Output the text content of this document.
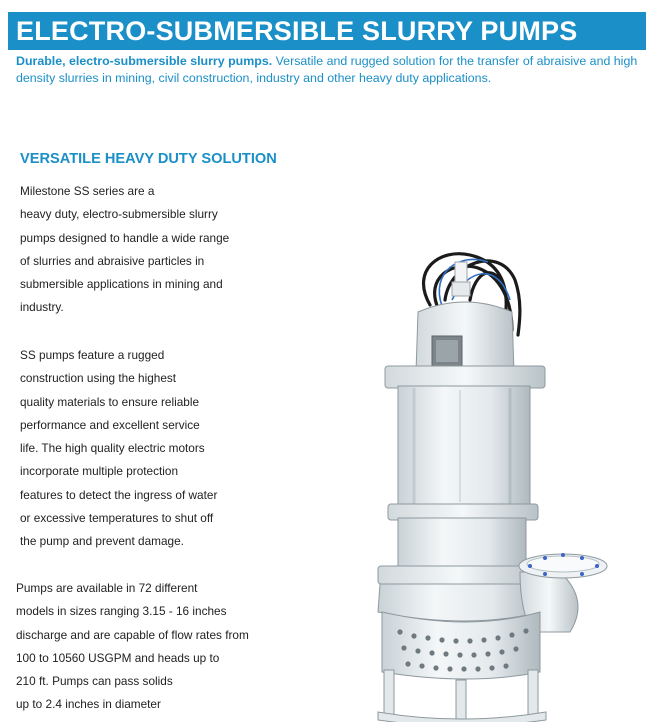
ELECTRO-SUBMERSIBLE SLURRY PUMPS

Durable, electro-submersible slurry pumps. Versatile and rugged solution for the transfer of abraisive and high density slurries in mining, civil construction, industry and other heavy duty applications.

VERSATILE HEAVY DUTY SOLUTION
Milestone SS series are a
heavy duty, electro-submersible slurry
pumps designed to handle a wide range
of slurries and abraisive particles in
submersible applications in mining and
industry.
SS pumps feature a rugged
construction using the highest
quality materials to ensure reliable
performance and excellent service
life. The high quality electric motors
incorporate multiple protection
features to detect the ingress of water
or excessive temperatures to shut off
the pump and prevent damage.
Pumps are available in 72 different
models in sizes ranging 3.15 - 16 inches
discharge and are capable of flow rates from
100 to 10560 USGPM and heads up to
210 ft. Pumps can pass solids
up to 2.4 inches in diameter
